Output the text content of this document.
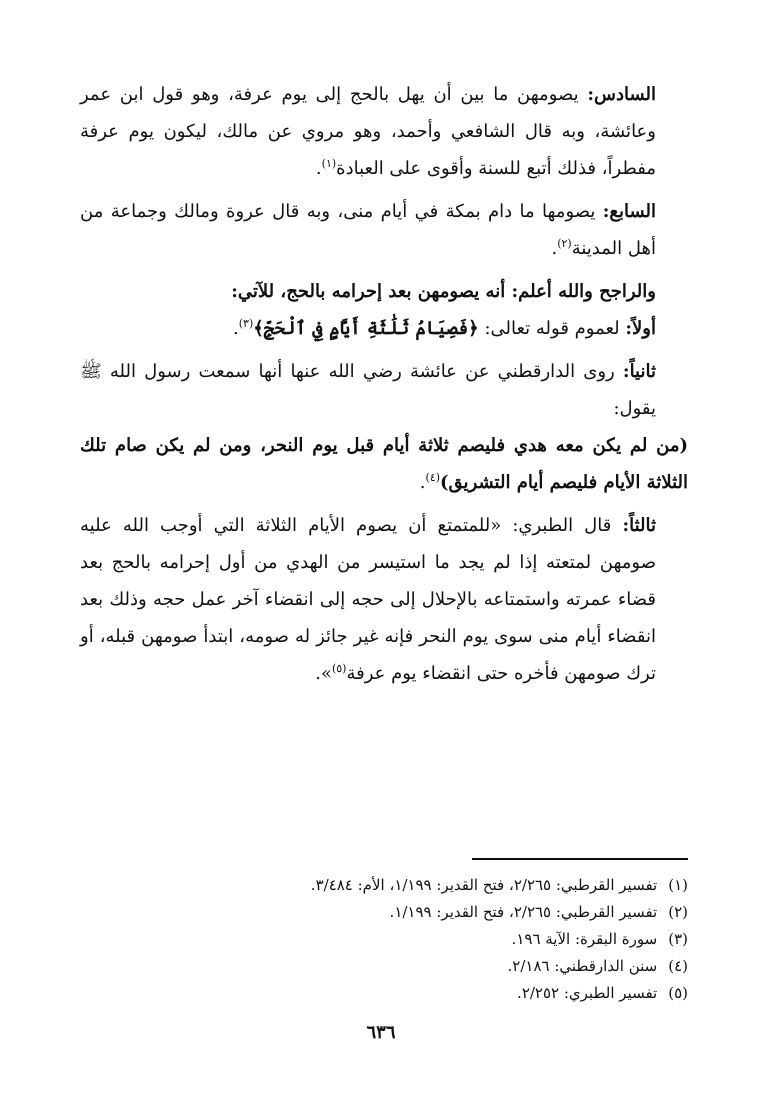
السادس: يصومهن ما بين أن يهل بالحج إلى يوم عرفة، وهو قول ابن عمر وعائشة، وبه قال الشافعي وأحمد، وهو مروي عن مالك، ليكون يوم عرفة مفطراً، فذلك أتبع للسنة وأقوى على العبادة$^{(١)}$.

السابع: يصومها ما دام بمكة في أيام منى، وبه قال عروة ومالك وجماعة من أهل المدينة$^{(٢)}$.

والراجح والله أعلم: أنه يصومهن بعد إحرامه بالحج، للآتي:

أولاً: لعموم قوله تعالى: ﴿فَصِيَامُ ثَلَٰثَةِ أَيَّامٍ فِي ٱلْحَجِّ﴾$^{(٣)}$.

ثانياً: روى الدارقطني عن عائشة رضي الله عنها أنها سمعت رسول الله ﷺ يقول:

(من لم يكن معه هدي فليصم ثلاثة أيام قبل يوم النحر، ومن لم يكن صام تلك الثلاثة الأيام فليصم أيام التشريق)$^{(٤)}$.

ثالثاً: قال الطبري: «للمتمتع أن يصوم الأيام الثلاثة التي أوجب الله عليه صومهن لمتعته إذا لم يجد ما استيسر من الهدي من أول إحرامه بالحج بعد قضاء عمرته واستمتاعه بالإحلال إلى حجه إلى انقضاء آخر عمل حجه وذلك بعد انقضاء أيام منى سوى يوم النحر فإنه غير جائز له صومه، ابتدأ صومهن قبله، أو ترك صومهن فأخره حتى انقضاء يوم عرفة$^{(٥)}$».

(١) تفسير القرطبي: ٢/٢٦٥، فتح القدير: ١/١٩٩، الأم: ٣/٤٨٤.
(٢) تفسير القرطبي: ٢/٢٦٥، فتح القدير: ١/١٩٩.
(٣) سورة البقرة: الآية ١٩٦.
(٤) سنن الدارقطني: ٢/١٨٦.
(٥) تفسير الطبري: ٢/٢٥٢.
٦٣٦
